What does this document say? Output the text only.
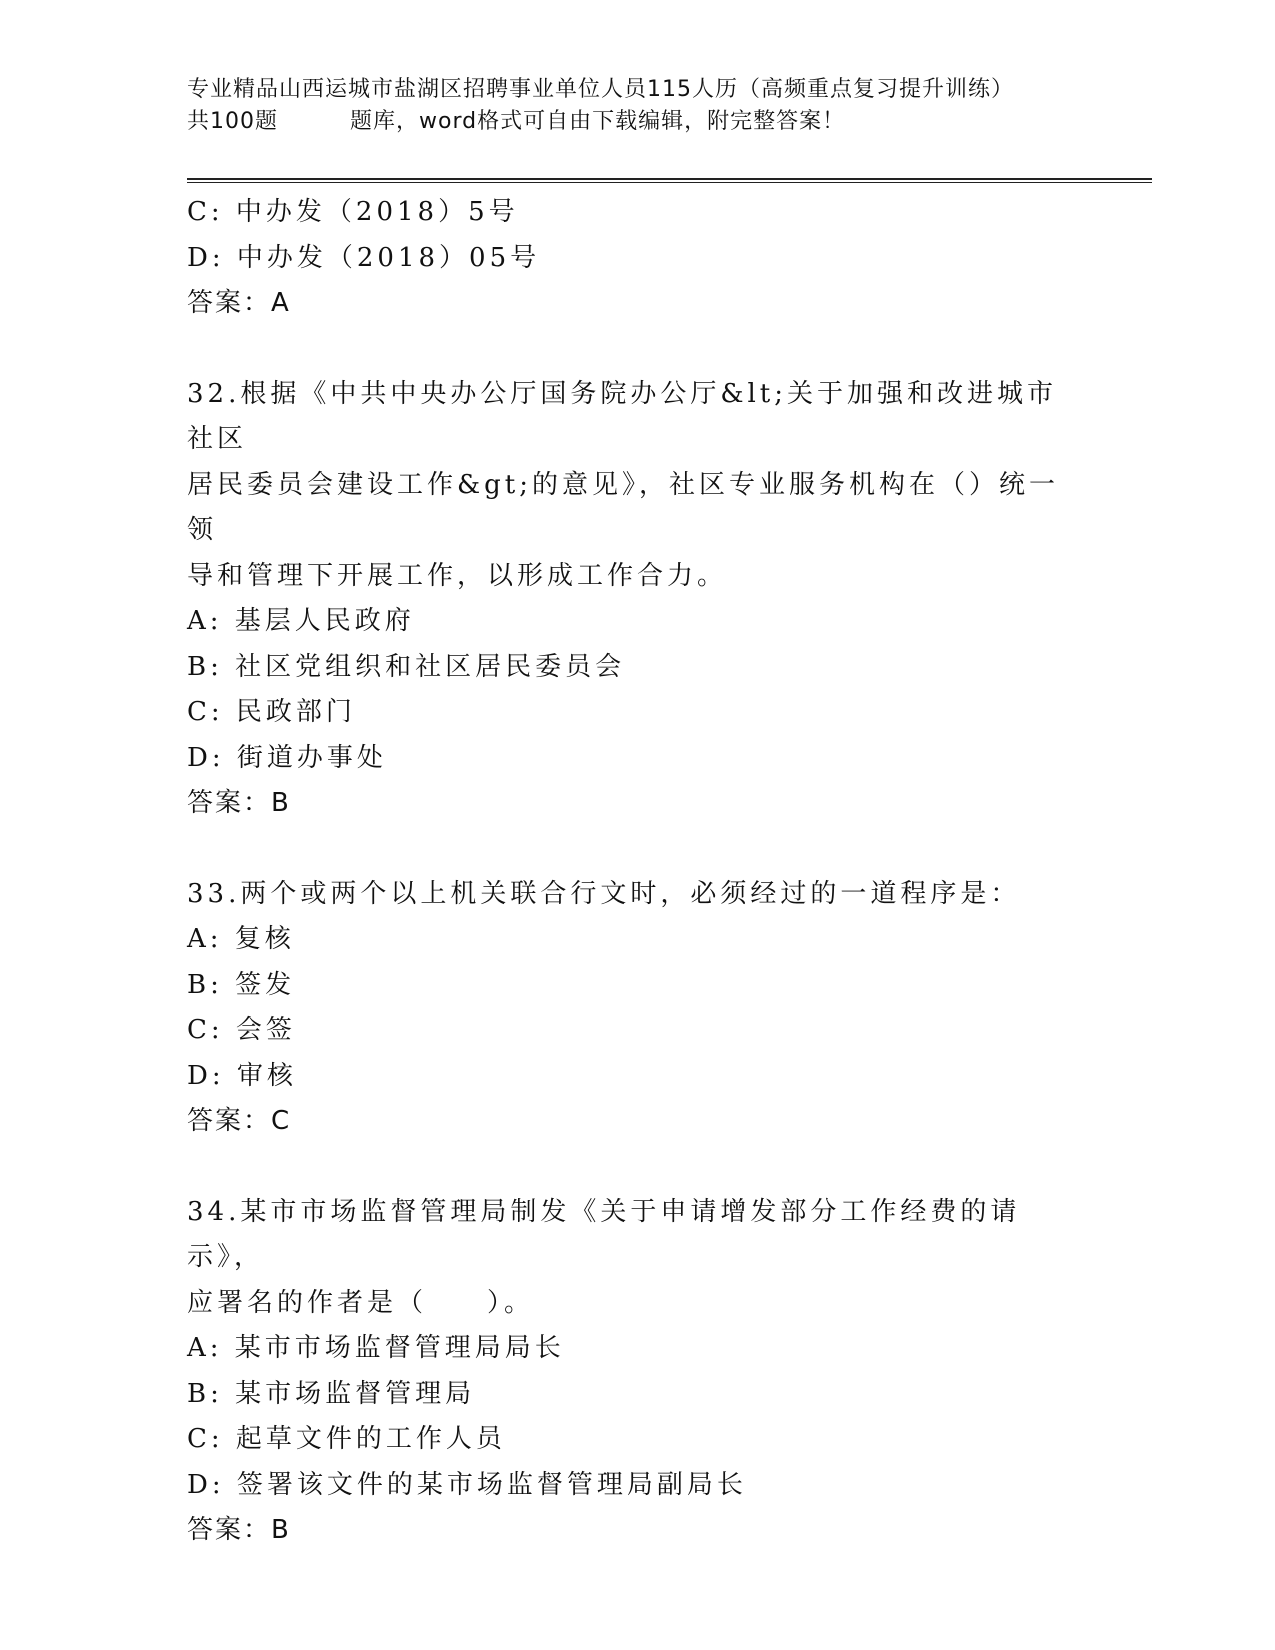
专业精品山西运城市盐湖区招聘事业单位人员115人历（高频重点复习提升训练）
共100题	题库，word格式可自由下载编辑，附完整答案！

C: 中办发（2018）5号

D: 中办发（2018）05号

答案：A

32.根据《中共中央办公厅国务院办公厅&lt;关于加强和改进城市社区

居民委员会建设工作&gt;的意见》，社区专业服务机构在（）统一领

导和管理下开展工作，以形成工作合力。

A: 基层人民政府

B: 社区党组织和社区居民委员会

C: 民政部门

D: 街道办事处

答案：B

33.两个或两个以上机关联合行文时，必须经过的一道程序是：

A: 复核

B: 签发

C: 会签

D: 审核

答案：C

34.某市市场监督管理局制发《关于申请增发部分工作经费的请示》，

应署名的作者是（　　）。

A: 某市市场监督管理局局长

B: 某市场监督管理局

C: 起草文件的工作人员

D: 签署该文件的某市场监督管理局副局长

答案：B
